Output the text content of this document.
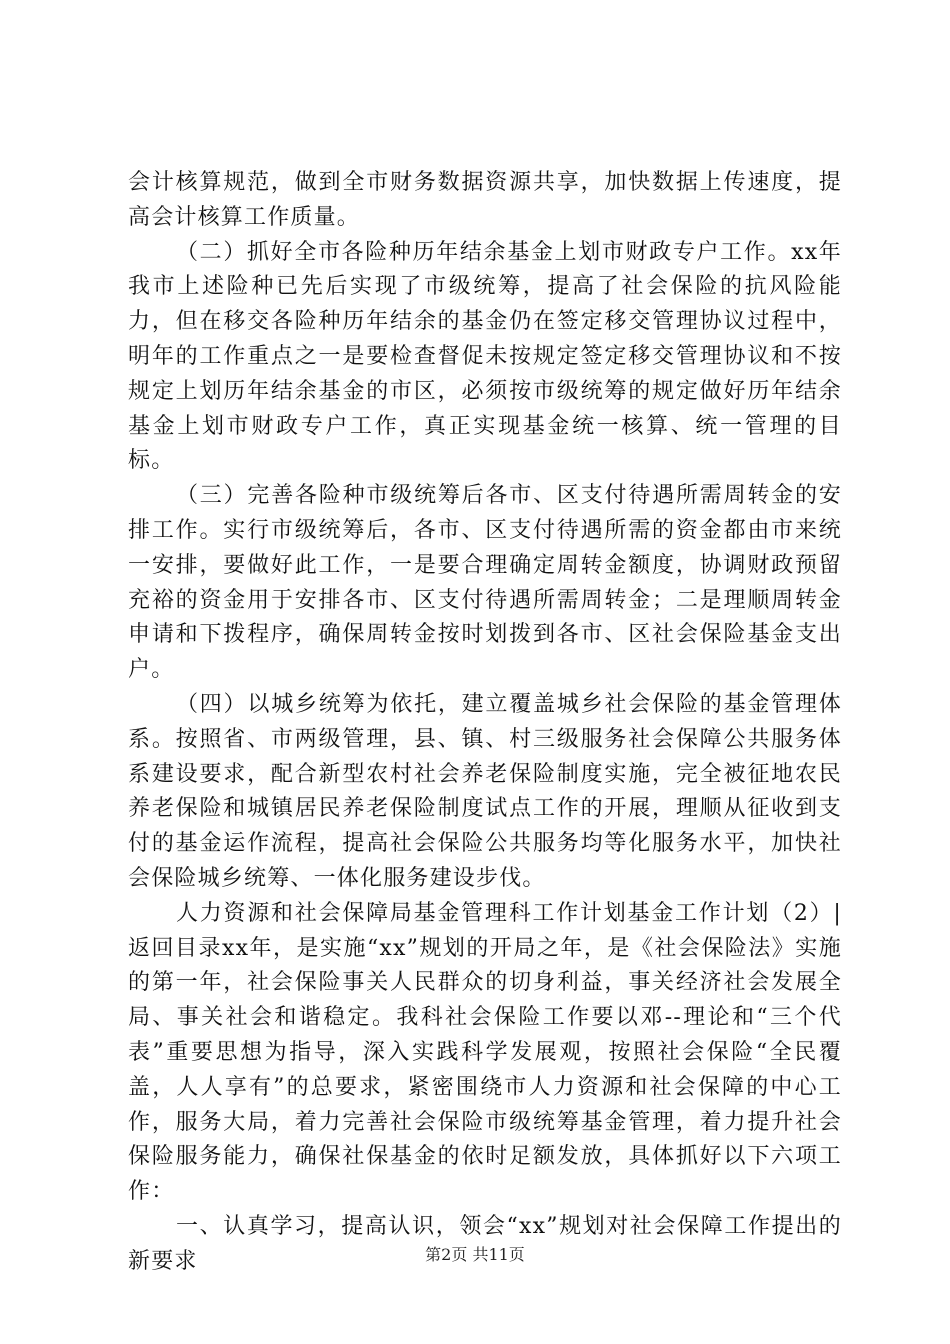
会计核算规范，做到全市财务数据资源共享，加快数据上传速度，提高会计核算工作质量。

（二）抓好全市各险种历年结余基金上划市财政专户工作。xx年我市上述险种已先后实现了市级统筹，提高了社会保险的抗风险能力，但在移交各险种历年结余的基金仍在签定移交管理协议过程中，明年的工作重点之一是要检查督促未按规定签定移交管理协议和不按规定上划历年结余基金的市区，必须按市级统筹的规定做好历年结余基金上划市财政专户工作，真正实现基金统一核算、统一管理的目标。

（三）完善各险种市级统筹后各市、区支付待遇所需周转金的安排工作。实行市级统筹后，各市、区支付待遇所需的资金都由市来统一安排，要做好此工作，一是要合理确定周转金额度，协调财政预留充裕的资金用于安排各市、区支付待遇所需周转金；二是理顺周转金申请和下拨程序，确保周转金按时划拨到各市、区社会保险基金支出户。

（四）以城乡统筹为依托，建立覆盖城乡社会保险的基金管理体系。按照省、市两级管理，县、镇、村三级服务社会保障公共服务体系建设要求，配合新型农村社会养老保险制度实施，完全被征地农民养老保险和城镇居民养老保险制度试点工作的开展，理顺从征收到支付的基金运作流程，提高社会保险公共服务均等化服务水平，加快社会保险城乡统筹、一体化服务建设步伐。

人力资源和社会保障局基金管理科工作计划基金工作计划（2）|返回目录xx年，是实施“xx”规划的开局之年，是《社会保险法》实施的第一年，社会保险事关人民群众的切身利益，事关经济社会发展全局、事关社会和谐稳定。我科社会保险工作要以邓--理论和“三个代表”重要思想为指导，深入实践科学发展观，按照社会保险“全民覆盖，人人享有”的总要求，紧密围绕市人力资源和社会保障的中心工作，服务大局，着力完善社会保险市级统筹基金管理，着力提升社会保险服务能力，确保社保基金的依时足额发放，具体抓好以下六项工作：

一、认真学习，提高认识，领会“xx”规划对社会保障工作提出的新要求	第2页 共11页
